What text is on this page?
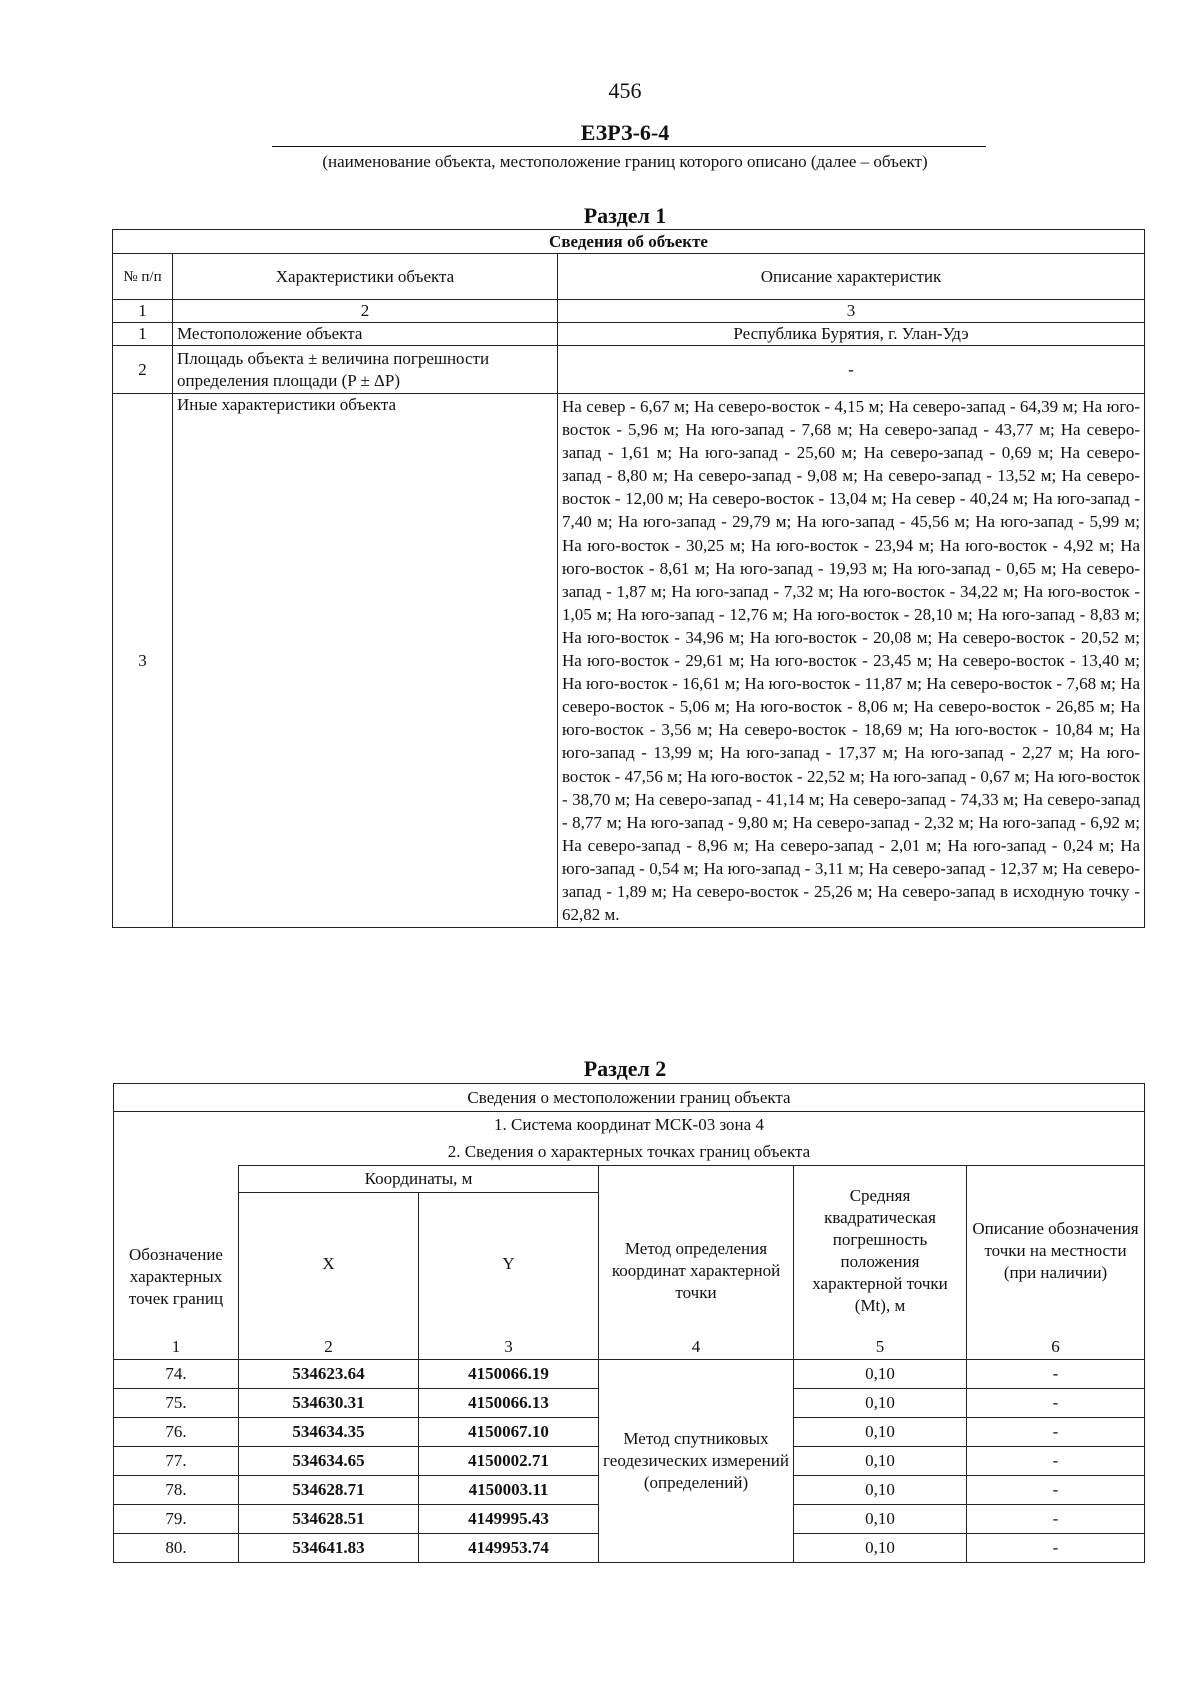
456
ЕЗРЗ-6-4
(наименование объекта, местоположение границ которого описано (далее – объект)
Раздел 1
Сведения об объекте		
№ п/п	Характеристики объекта	Описание характеристик
1	2	3
1	Местоположение объекта	Республика Бурятия, г. Улан-Удэ
2	Площадь объекта ± величина погрешности определения площади (P ± ΔP)	-
3	Иные характеристики объекта	На север - 6,67 м; На северо-восток - 4,15 м; На северо-запад - 64,39 м; На юго-восток - 5,96 м; На юго-запад - 7,68 м; На северо-запад - 43,77 м; На северо-запад - 1,61 м; На юго-запад - 25,60 м; На северо-запад - 0,69 м; На северо-запад - 8,80 м; На северо-запад - 9,08 м; На северо-запад - 13,52 м; На северо-восток - 12,00 м; На северо-восток - 13,04 м; На север - 40,24 м; На юго-запад - 7,40 м; На юго-запад - 29,79 м; На юго-запад - 45,56 м; На юго-запад - 5,99 м; На юго-восток - 30,25 м; На юго-восток - 23,94 м; На юго-восток - 4,92 м; На юго-восток - 8,61 м; На юго-запад - 19,93 м; На юго-запад - 0,65 м; На северо-запад - 1,87 м; На юго-запад - 7,32 м; На юго-восток - 34,22 м; На юго-восток - 1,05 м; На юго-запад - 12,76 м; На юго-восток - 28,10 м; На юго-запад - 8,83 м; На юго-восток - 34,96 м; На юго-восток - 20,08 м; На северо-восток - 20,52 м; На юго-восток - 29,61 м; На юго-восток - 23,45 м; На северо-восток - 13,40 м; На юго-восток - 16,61 м; На юго-восток - 11,87 м; На северо-восток - 7,68 м; На северо-восток - 5,06 м; На юго-восток - 8,06 м; На северо-восток - 26,85 м; На юго-восток - 3,56 м; На северо-восток - 18,69 м; На юго-восток - 10,84 м; На юго-запад - 13,99 м; На юго-запад - 17,37 м; На юго-запад - 2,27 м; На юго-восток - 47,56 м; На юго-восток - 22,52 м; На юго-запад - 0,67 м; На юго-восток - 38,70 м; На северо-запад - 41,14 м; На северо-запад - 74,33 м; На северо-запад - 8,77 м; На юго-запад - 9,80 м; На северо-запад - 2,32 м; На юго-запад - 6,92 м; На северо-запад - 8,96 м; На северо-запад - 2,01 м; На юго-запад - 0,24 м; На юго-запад - 0,54 м; На юго-запад - 3,11 м; На северо-запад - 12,37 м; На северо-запад - 1,89 м; На северо-восток - 25,26 м; На северо-запад в исходную точку - 62,82 м.
Раздел 2
Сведения о местоположении границ объекта					
1. Система координат МСК-03 зона 4					
2. Сведения о характерных точках границ объекта					
Обозначение характерных точек границ	Координаты, м		Метод определения координат характерной точки	Средняя квадратическая погрешность положения характерной точки (Mt), м	Описание обозначения точки на местности (при наличии)
	X	Y			
1	2	3	4	5	6
74.	534623.64	4150066.19	Метод спутниковых геодезических измерений (определений)	0,10	-
75.	534630.31	4150066.13		0,10	-
76.	534634.35	4150067.10		0,10	-
77.	534634.65	4150002.71		0,10	-
78.	534628.71	4150003.11		0,10	-
79.	534628.51	4149995.43		0,10	-
80.	534641.83	4149953.74		0,10	-
